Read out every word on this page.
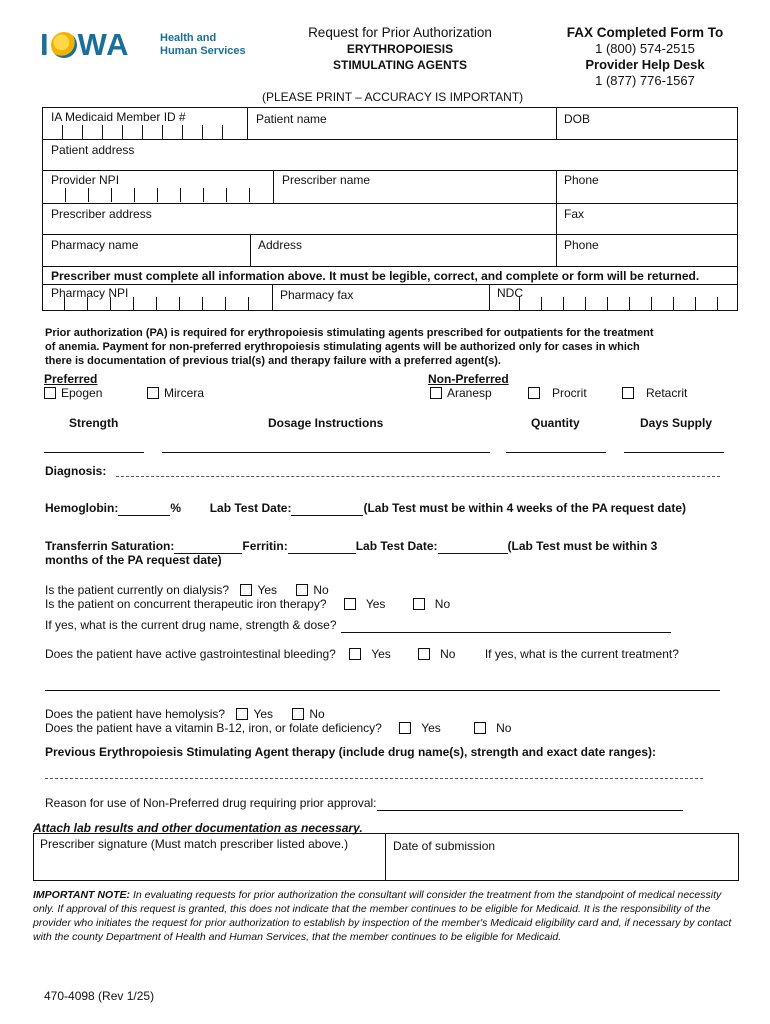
I WA	Health and
Human Services
Request for Prior Authorization
ERYTHROPOIESIS
STIMULATING AGENTS
FAX Completed Form To
1 (800) 574-2515
Provider Help Desk
1 (877) 776-1567
(PLEASE PRINT – ACCURACY IS IMPORTANT)
IA Medicaid Member ID #	Patient name	DOB
Patient address
Provider NPI	Prescriber name	Phone
Prescriber address	Fax
Pharmacy name	Address	Phone
Prescriber must complete all information above. It must be legible, correct, and complete or form will be returned.
Pharmacy NPI	Pharmacy fax	NDC
Prior authorization (PA) is required for erythropoiesis stimulating agents prescribed for outpatients for the treatment
of anemia. Payment for non-preferred erythropoiesis stimulating agents will be authorized only for cases in which
there is documentation of previous trial(s) and therapy failure with a preferred agent(s).
Preferred
Epogen	Mircera
Non-Preferred
Aranesp	Procrit	Retacrit
Strength	Dosage Instructions	Quantity	Days Supply
Diagnosis:
Hemoglobin:	% Lab Test Date:	(Lab Test must be within 4 weeks of the PA request date)
Transferrin Saturation:	Ferritin:	Lab Test Date:	(Lab Test must be within 3
months of the PA request date)
Is the patient currently on dialysis? Yes	No
Is the patient on concurrent therapeutic iron therapy?	Yes	No
If yes, what is the current drug name, strength & dose?
Does the patient have active gastrointestinal bleeding?	Yes	No If yes, what is the current treatment?
Does the patient have hemolysis? Yes	No
Does the patient have a vitamin B-12, iron, or folate deficiency?	Yes	No
Previous Erythropoiesis Stimulating Agent therapy (include drug name(s), strength and exact date ranges):
Reason for use of Non-Preferred drug requiring prior approval:
Attach lab results and other documentation as necessary.
Prescriber signature (Must match prescriber listed above.)	Date of submission
IMPORTANT NOTE: In evaluating requests for prior authorization the consultant will consider the treatment from the standpoint of medical necessity only. If approval of this request is granted, this does not indicate that the member continues to be eligible for Medicaid. It is the responsibility of the provider who initiates the request for prior authorization to establish by inspection of the member's Medicaid eligibility card and, if necessary by contact with the county Department of Health and Human Services, that the member continues to be eligible for Medicaid.
470-4098 (Rev 1/25)
